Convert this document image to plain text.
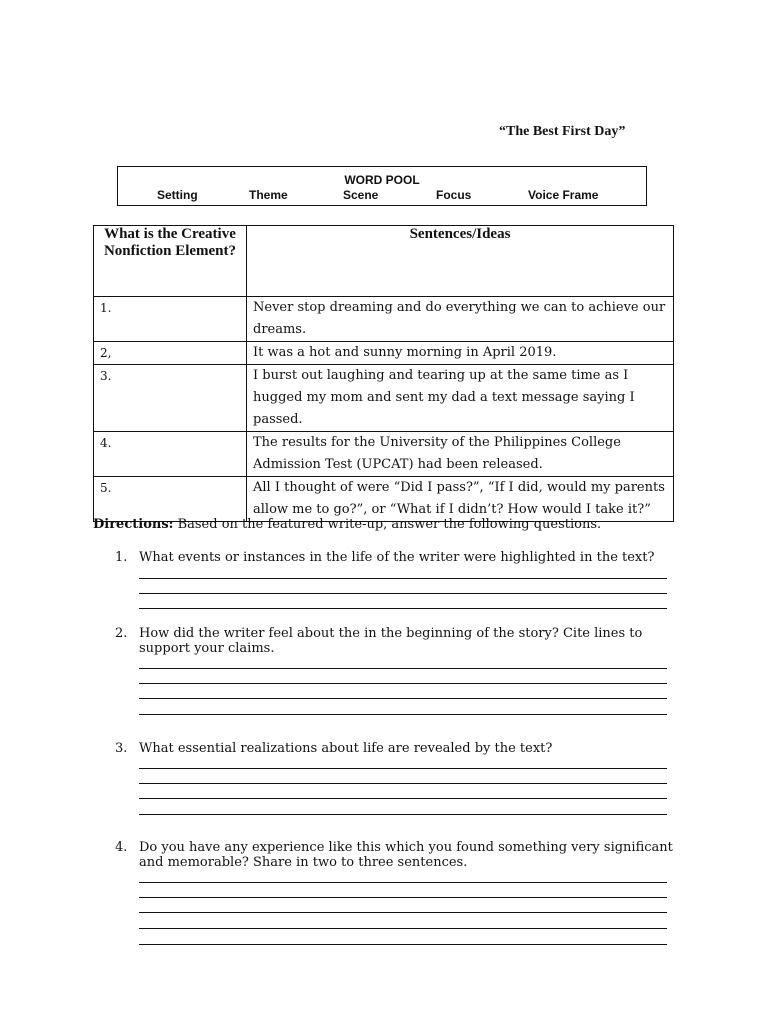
“The Best First Day”
WORD POOL
Setting	Theme	Scene	Focus	Voice Frame
What is the Creative Nonfiction Element?	Sentences/Ideas
1.	Never stop dreaming and do everything we can to achieve our dreams.
2,	It was a hot and sunny morning in April 2019.
3.	I burst out laughing and tearing up at the same time as I hugged my mom and sent my dad a text message saying I passed.
4.	The results for the University of the Philippines College Admission Test (UPCAT) had been released.
5.	All I thought of were “Did I pass?”, “If I did, would my parents allow me to go?”, or “What if I didn’t? How would I take it?”
Directions: Based on the featured write-up, answer the following questions.
1. What events or instances in the life of the writer were highlighted in the text?
2. How did the writer feel about the in the beginning of the story? Cite lines to support your claims.
3. What essential realizations about life are revealed by the text?
4. Do you have any experience like this which you found something very significant and memorable? Share in two to three sentences.
